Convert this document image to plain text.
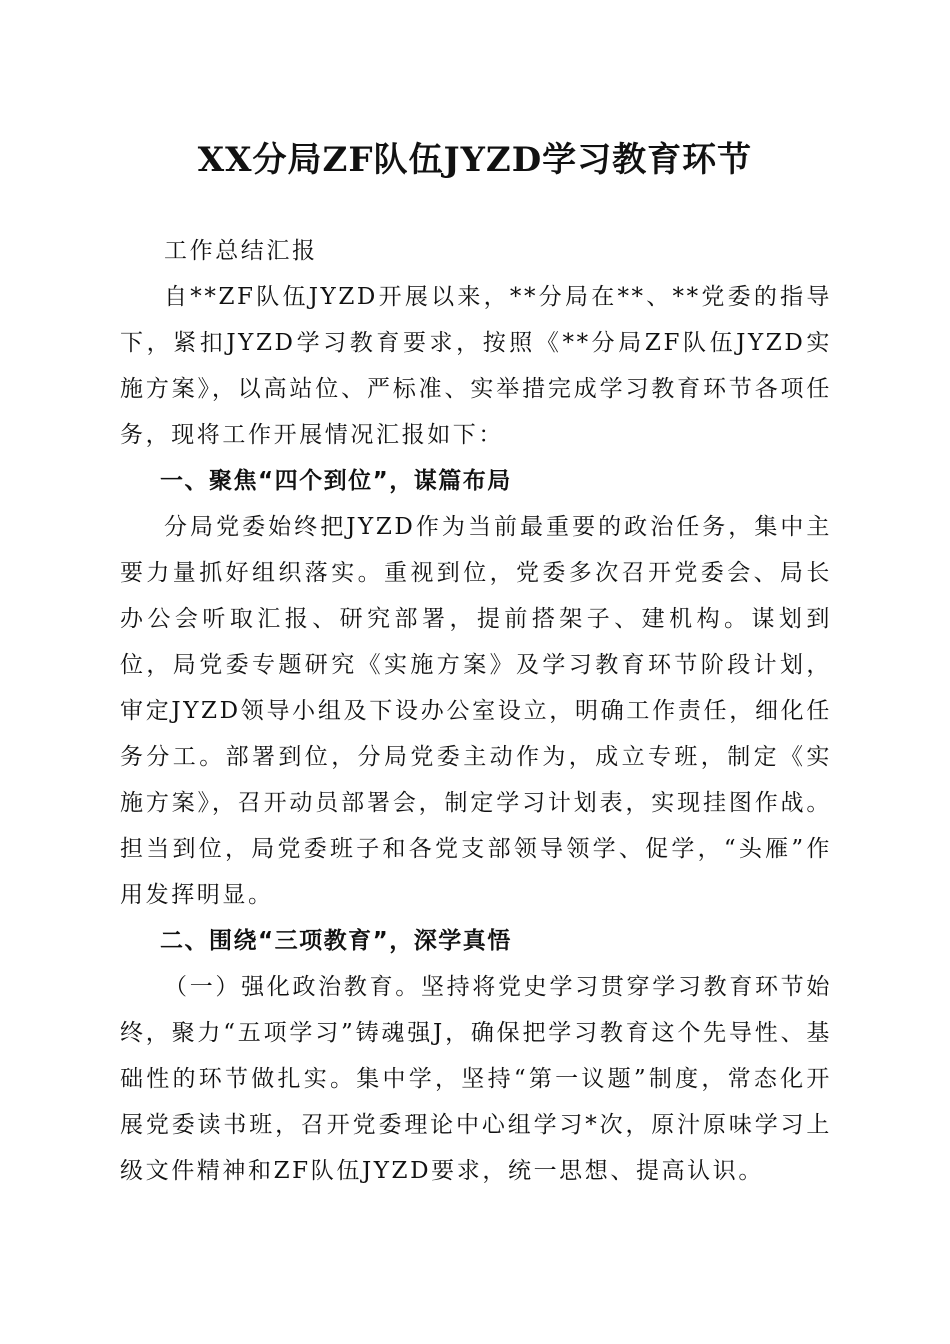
XX分局ZF队伍JYZD学习教育环节

工作总结汇报

自**ZF队伍JYZD开展以来，**分局在**、**党委的指导下，紧扣JYZD学习教育要求，按照《**分局ZF队伍JYZD实施方案》，以高站位、严标准、实举措完成学习教育环节各项任务，现将工作开展情况汇报如下：

一、聚焦“四个到位”，谋篇布局

分局党委始终把JYZD作为当前最重要的政治任务，集中主要力量抓好组织落实。重视到位，党委多次召开党委会、局长办公会听取汇报、研究部署，提前搭架子、建机构。谋划到位，局党委专题研究《实施方案》及学习教育环节阶段计划，审定JYZD领导小组及下设办公室设立，明确工作责任，细化任务分工。部署到位，分局党委主动作为，成立专班，制定《实施方案》，召开动员部署会，制定学习计划表，实现挂图作战。担当到位，局党委班子和各党支部领导领学、促学，“头雁”作用发挥明显。

二、围绕“三项教育”，深学真悟

（一）强化政治教育。坚持将党史学习贯穿学习教育环节始终，聚力“五项学习”铸魂强J，确保把学习教育这个先导性、基础性的环节做扎实。集中学，坚持“第一议题”制度，常态化开展党委读书班，召开党委理论中心组学习*次，原汁原味学习上级文件精神和ZF队伍JYZD要求，统一思想、提高认识。
